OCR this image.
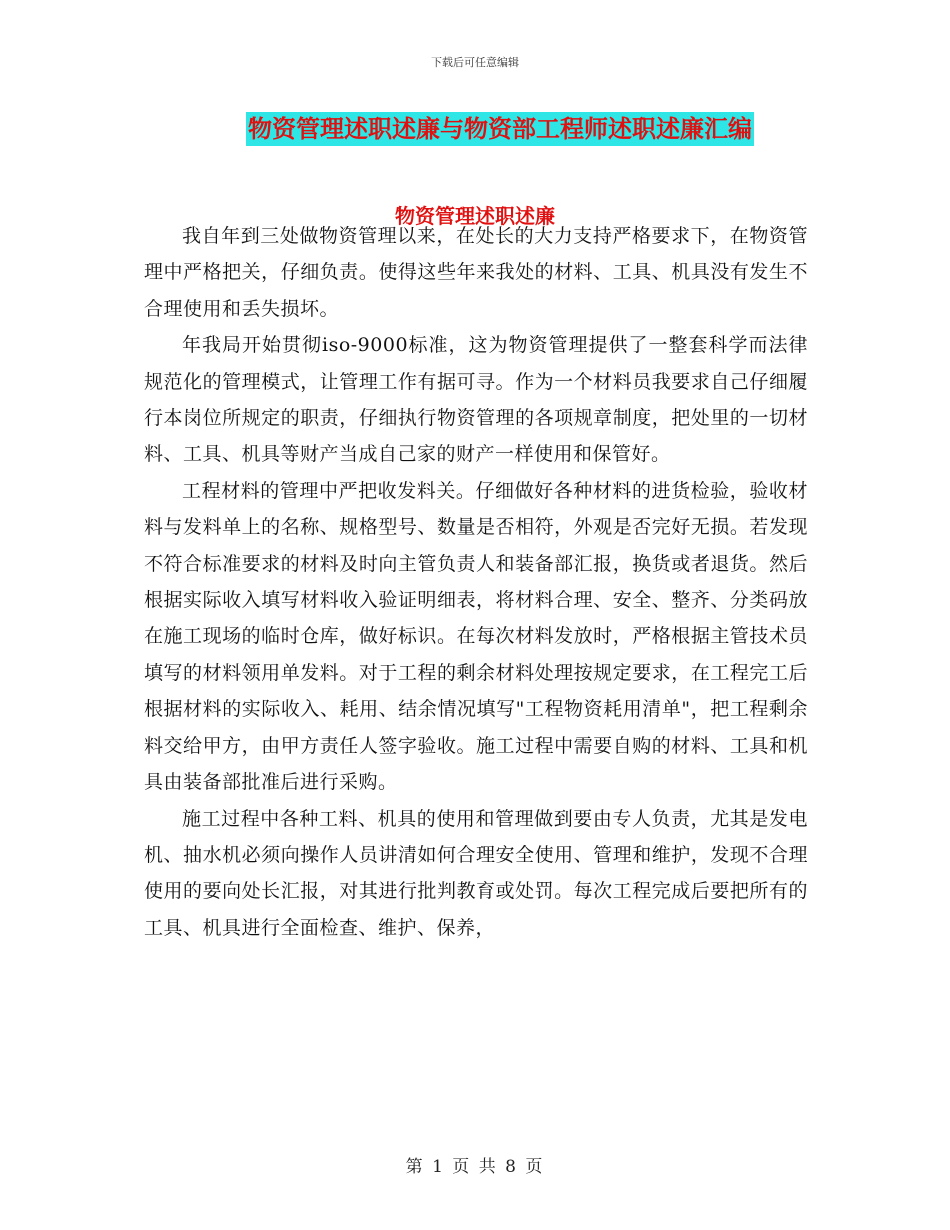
下载后可任意编辑
物资管理述职述廉与物资部工程师述职述廉汇编
物资管理述职述廉

我自年到三处做物资管理以来，在处长的大力支持严格要求下，在物资管理中严格把关，仔细负责。使得这些年来我处的材料、工具、机具没有发生不合理使用和丢失损坏。

年我局开始贯彻iso-9000标准，这为物资管理提供了一整套科学而法律规范化的管理模式，让管理工作有据可寻。作为一个材料员我要求自己仔细履行本岗位所规定的职责，仔细执行物资管理的各项规章制度，把处里的一切材料、工具、机具等财产当成自己家的财产一样使用和保管好。

工程材料的管理中严把收发料关。仔细做好各种材料的进货检验，验收材料与发料单上的名称、规格型号、数量是否相符，外观是否完好无损。若发现不符合标准要求的材料及时向主管负责人和装备部汇报，换货或者退货。然后根据实际收入填写材料收入验证明细表，将材料合理、安全、整齐、分类码放在施工现场的临时仓库，做好标识。在每次材料发放时，严格根据主管技术员填写的材料领用单发料。对于工程的剩余材料处理按规定要求，在工程完工后根据材料的实际收入、耗用、结余情况填写"工程物资耗用清单"，把工程剩余料交给甲方，由甲方责任人签字验收。施工过程中需要自购的材料、工具和机具由装备部批准后进行采购。

施工过程中各种工料、机具的使用和管理做到要由专人负责，尤其是发电机、抽水机必须向操作人员讲清如何合理安全使用、管理和维护，发现不合理使用的要向处长汇报，对其进行批判教育或处罚。每次工程完成后要把所有的工具、机具进行全面检查、维护、保养，

第 1 页 共 8 页
